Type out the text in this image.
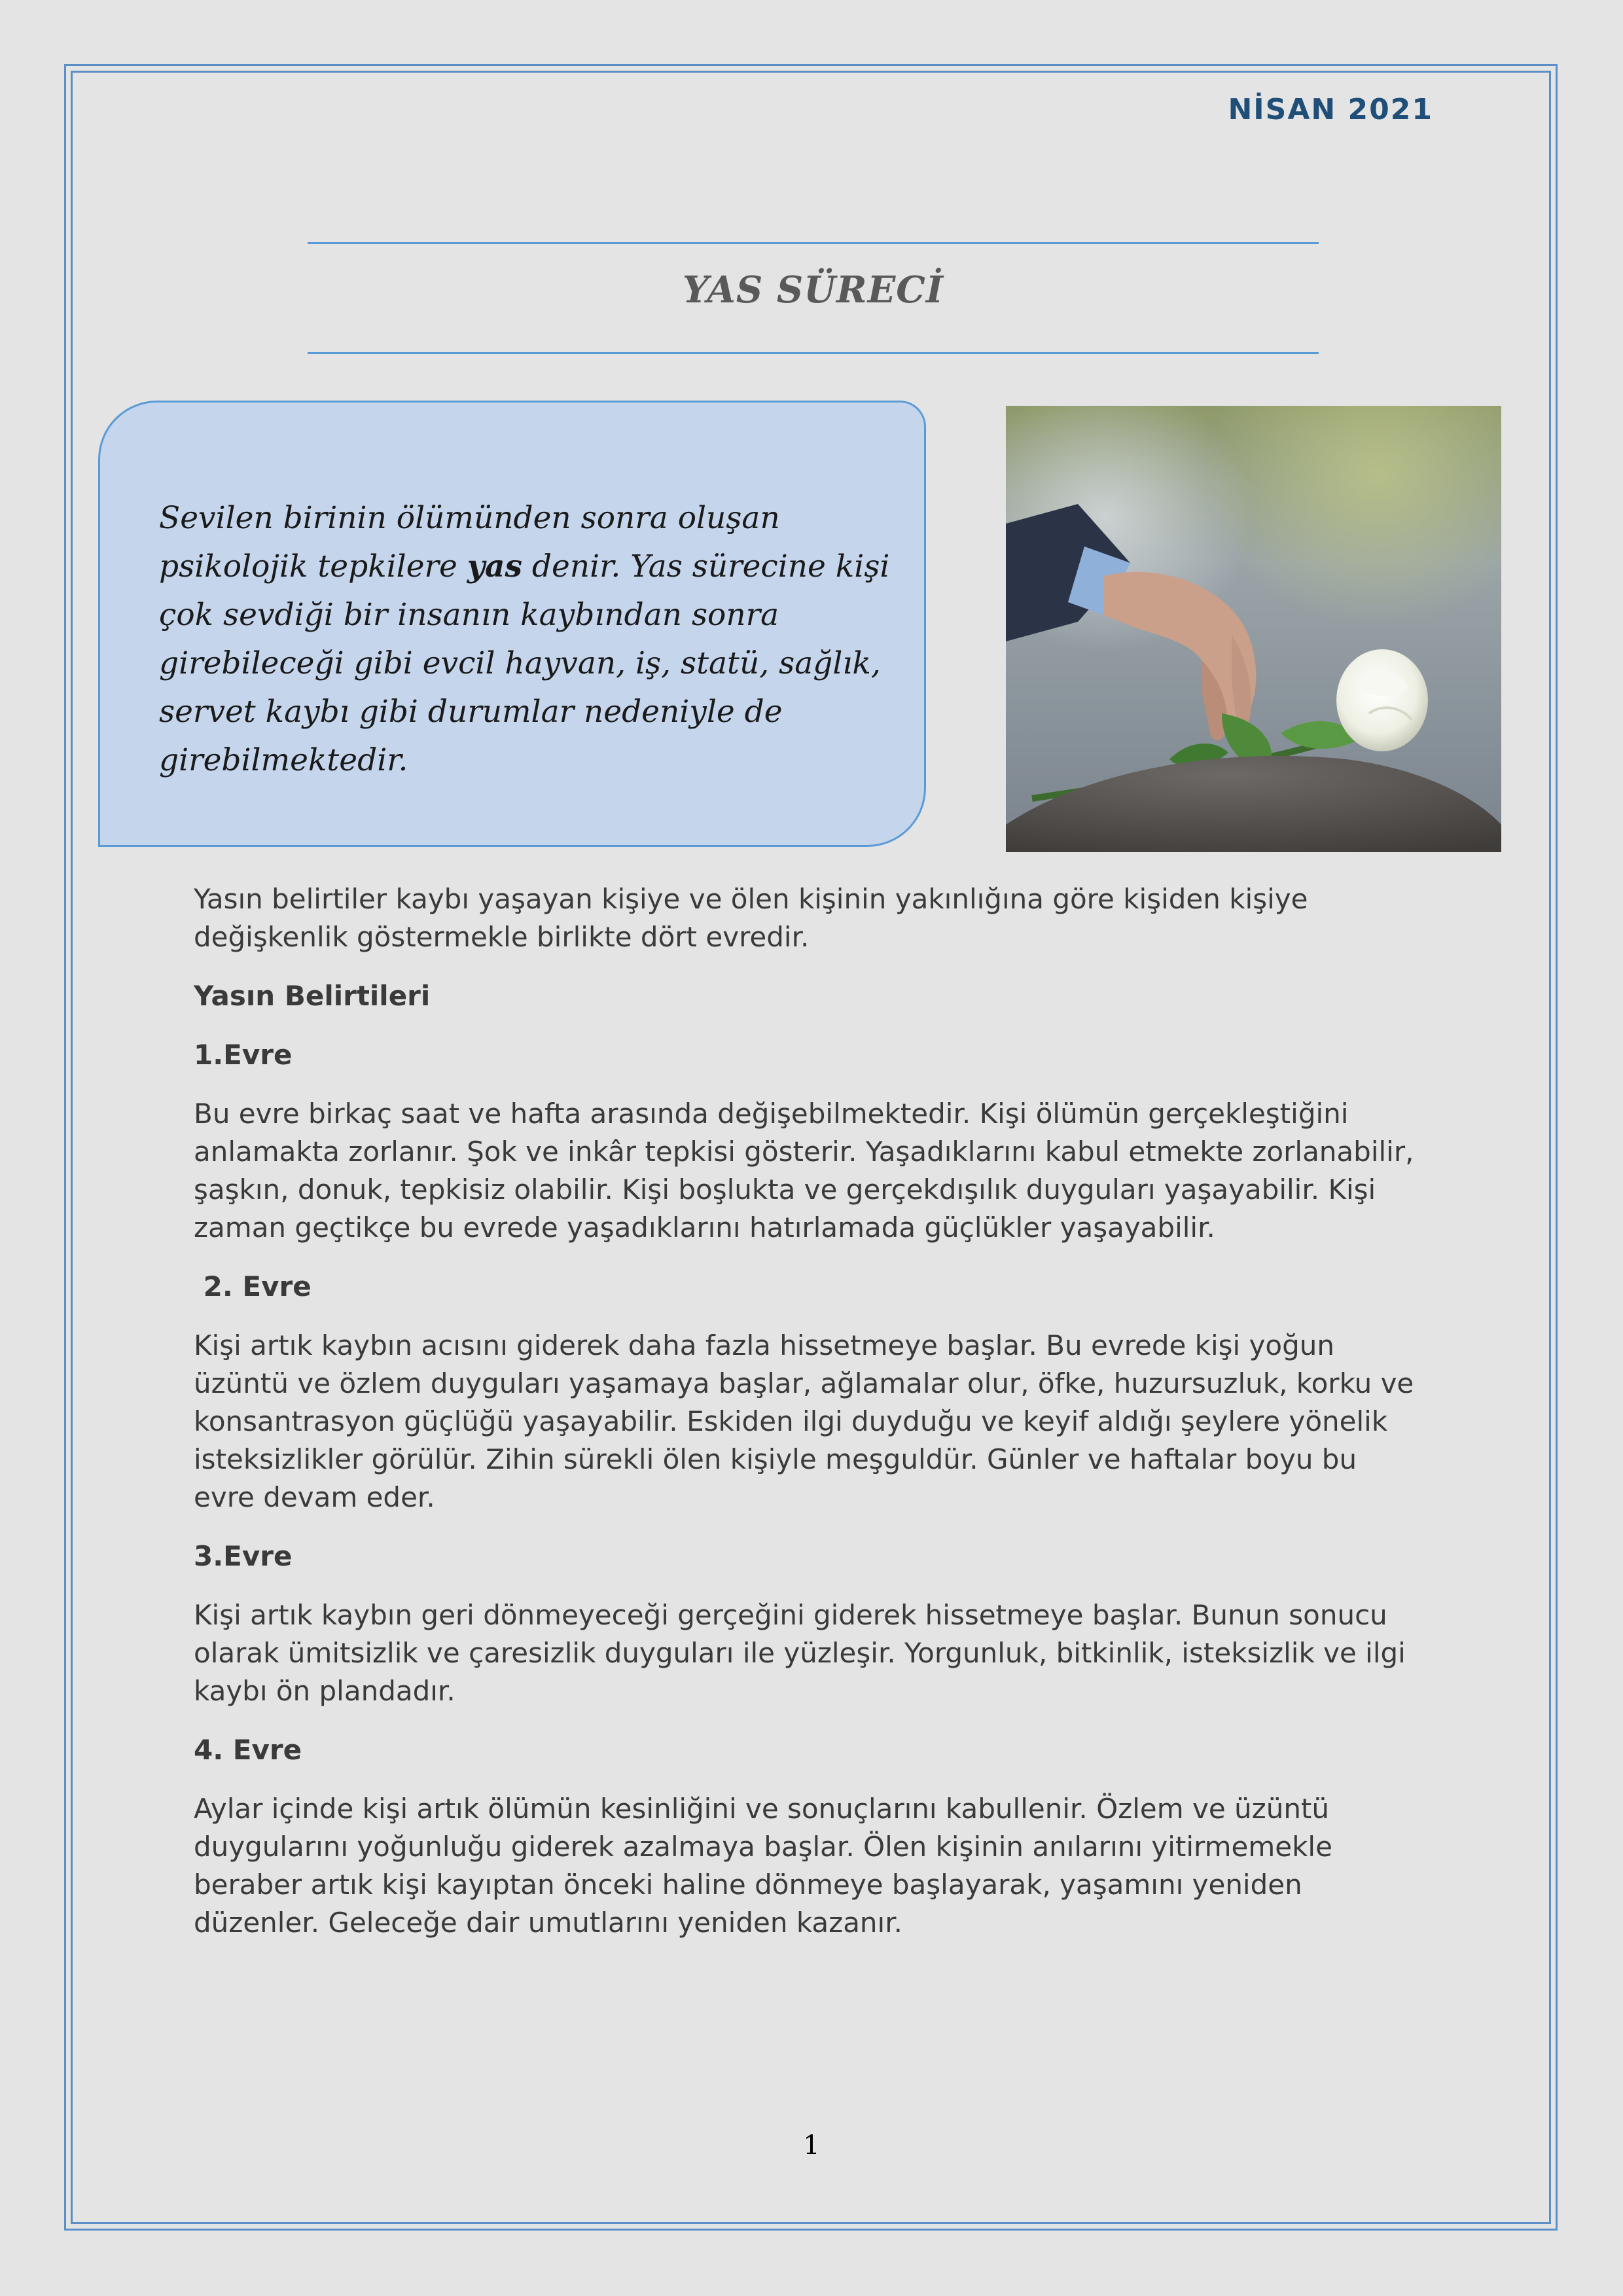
NİSAN 2021
YAS SÜRECİ
Sevilen birinin ölümünden sonra oluşan psikolojik tepkilere yas denir. Yas sürecine kişi çok sevdiği bir insanın kaybından sonra girebileceği gibi evcil hayvan, iş, statü, sağlık, servet kaybı gibi durumlar nedeniyle de girebilmektedir.

Yasın belirtiler kaybı yaşayan kişiye ve ölen kişinin yakınlığına göre kişiden kişiye değişkenlik göstermekle birlikte dört evredir.

Yasın Belirtileri

1.Evre

Bu evre birkaç saat ve hafta arasında değişebilmektedir. Kişi ölümün gerçekleştiğini anlamakta zorlanır. Şok ve inkâr tepkisi gösterir. Yaşadıklarını kabul etmekte zorlanabilir, şaşkın, donuk, tepkisiz olabilir. Kişi boşlukta ve gerçekdışılık duyguları yaşayabilir. Kişi zaman geçtikçe bu evrede yaşadıklarını hatırlamada güçlükler yaşayabilir.

2. Evre

Kişi artık kaybın acısını giderek daha fazla hissetmeye başlar. Bu evrede kişi yoğun üzüntü ve özlem duyguları yaşamaya başlar, ağlamalar olur, öfke, huzursuzluk, korku ve konsantrasyon güçlüğü yaşayabilir. Eskiden ilgi duyduğu ve keyif aldığı şeylere yönelik isteksizlikler görülür. Zihin sürekli ölen kişiyle meşguldür. Günler ve haftalar boyu bu evre devam eder.

3.Evre

Kişi artık kaybın geri dönmeyeceği gerçeğini giderek hissetmeye başlar. Bunun sonucu olarak ümitsizlik ve çaresizlik duyguları ile yüzleşir. Yorgunluk, bitkinlik, isteksizlik ve ilgi kaybı ön plandadır.

4. Evre

Aylar içinde kişi artık ölümün kesinliğini ve sonuçlarını kabullenir. Özlem ve üzüntü duygularını yoğunluğu giderek azalmaya başlar. Ölen kişinin anılarını yitirmemekle beraber artık kişi kayıptan önceki haline dönmeye başlayarak, yaşamını yeniden düzenler. Geleceğe dair umutlarını yeniden kazanır.

1
